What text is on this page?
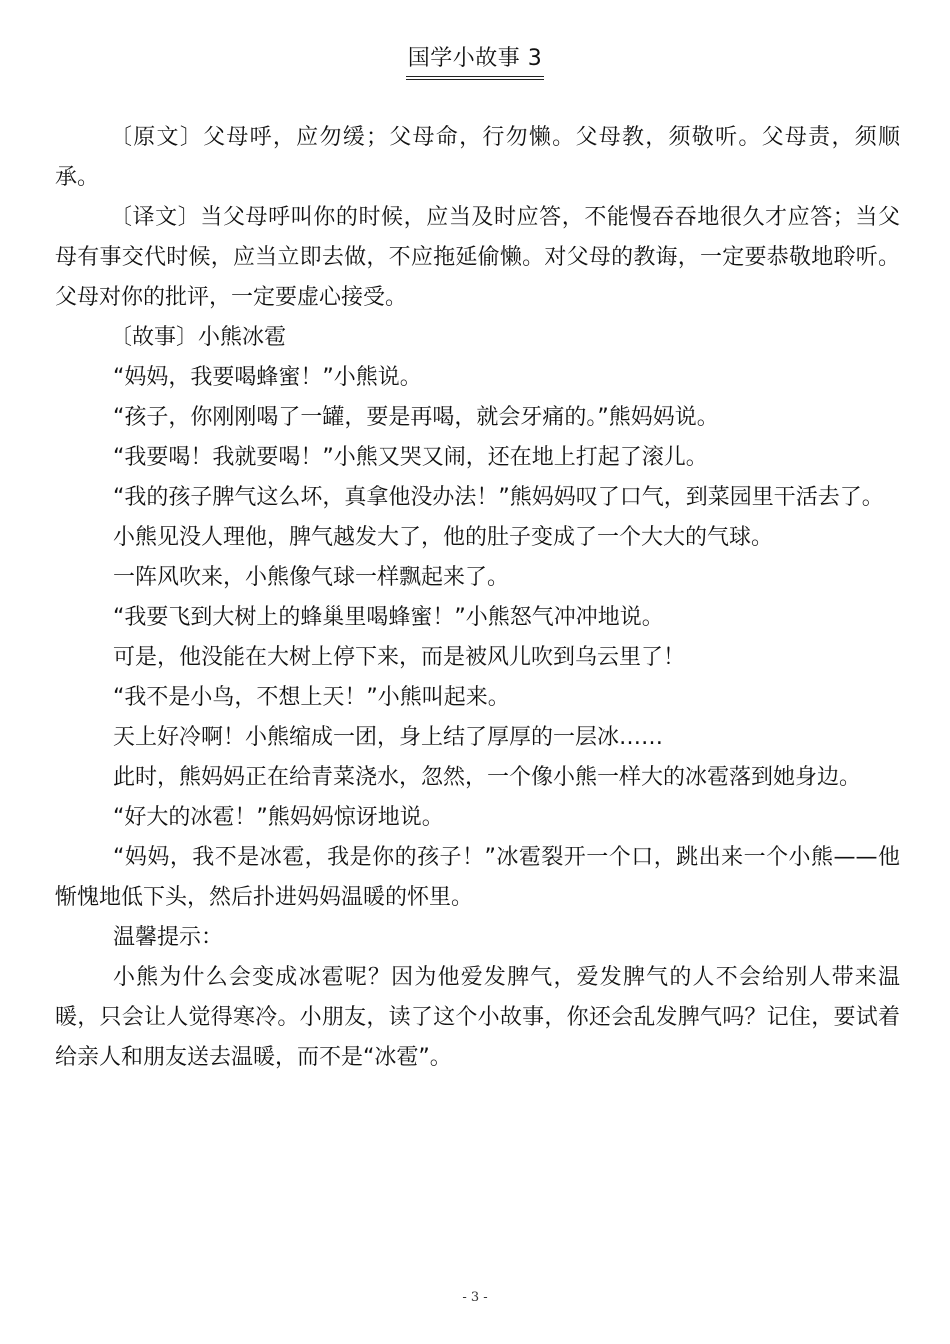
国学小故事 3

〔原文〕父母呼，应勿缓；父母命，行勿懒。父母教，须敬听。父母责，须顺承。

〔译文〕当父母呼叫你的时候，应当及时应答，不能慢吞吞地很久才应答；当父母有事交代时候，应当立即去做，不应拖延偷懒。对父母的教诲，一定要恭敬地聆听。父母对你的批评，一定要虚心接受。

〔故事〕小熊冰雹

“妈妈，我要喝蜂蜜！”小熊说。

“孩子，你刚刚喝了一罐，要是再喝，就会牙痛的。”熊妈妈说。

“我要喝！我就要喝！”小熊又哭又闹，还在地上打起了滚儿。

“我的孩子脾气这么坏，真拿他没办法！”熊妈妈叹了口气，到菜园里干活去了。

小熊见没人理他，脾气越发大了，他的肚子变成了一个大大的气球。

一阵风吹来，小熊像气球一样飘起来了。

“我要飞到大树上的蜂巢里喝蜂蜜！”小熊怒气冲冲地说。

可是，他没能在大树上停下来，而是被风儿吹到乌云里了！

“我不是小鸟，不想上天！”小熊叫起来。

天上好冷啊！小熊缩成一团，身上结了厚厚的一层冰……

此时，熊妈妈正在给青菜浇水，忽然，一个像小熊一样大的冰雹落到她身边。

“好大的冰雹！”熊妈妈惊讶地说。

“妈妈，我不是冰雹，我是你的孩子！”冰雹裂开一个口，跳出来一个小熊——他惭愧地低下头，然后扑进妈妈温暖的怀里。

温馨提示：

小熊为什么会变成冰雹呢？因为他爱发脾气，爱发脾气的人不会给别人带来温暖，只会让人觉得寒冷。小朋友，读了这个小故事，你还会乱发脾气吗？记住，要试着给亲人和朋友送去温暖，而不是“冰雹”。

- 3 -
